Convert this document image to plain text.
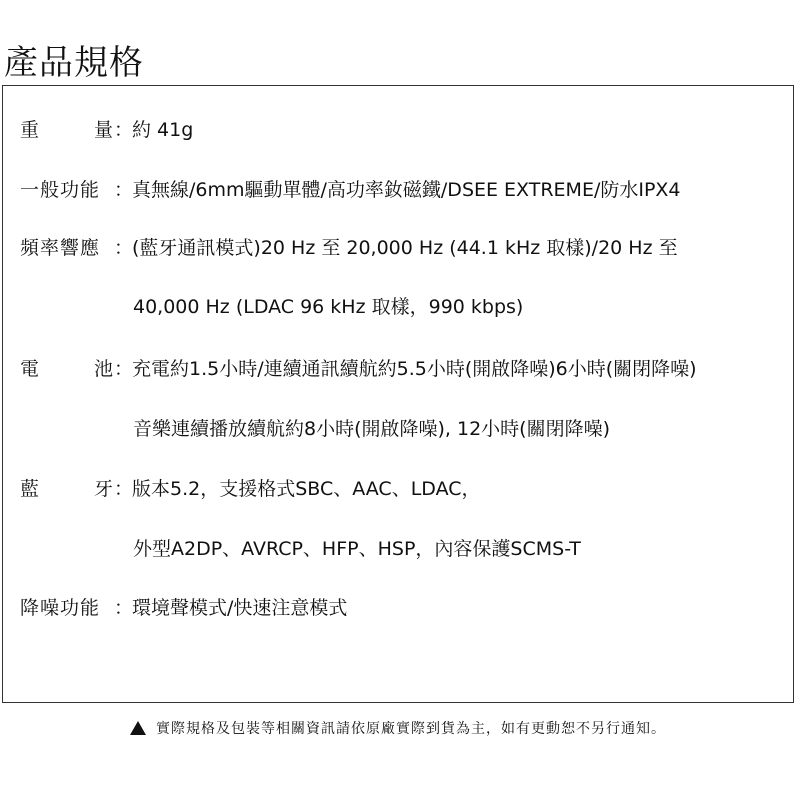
產品規格
重	量 ：
約 41g
一般功能 ：
真無線/6mm驅動單體/高功率釹磁鐵/DSEE EXTREME/防水IPX4
頻率響應 ：
(藍牙通訊模式)20 Hz 至 20,000 Hz (44.1 kHz 取樣)/20 Hz 至
40,000 Hz (LDAC 96 kHz 取樣，990 kbps)
電	池 ：
充電約1.5小時/連續通訊續航約5.5小時(開啟降噪)6小時(關閉降噪)
音樂連續播放續航約8小時(開啟降噪), 12小時(關閉降噪)
藍	牙 ：
版本5.2，支援格式SBC、AAC、LDAC，
外型A2DP、AVRCP、HFP、HSP，內容保護SCMS-T
降噪功能 ：
環境聲模式/快速注意模式
實際規格及包裝等相關資訊請依原廠實際到貨為主，如有更動恕不另行通知。
